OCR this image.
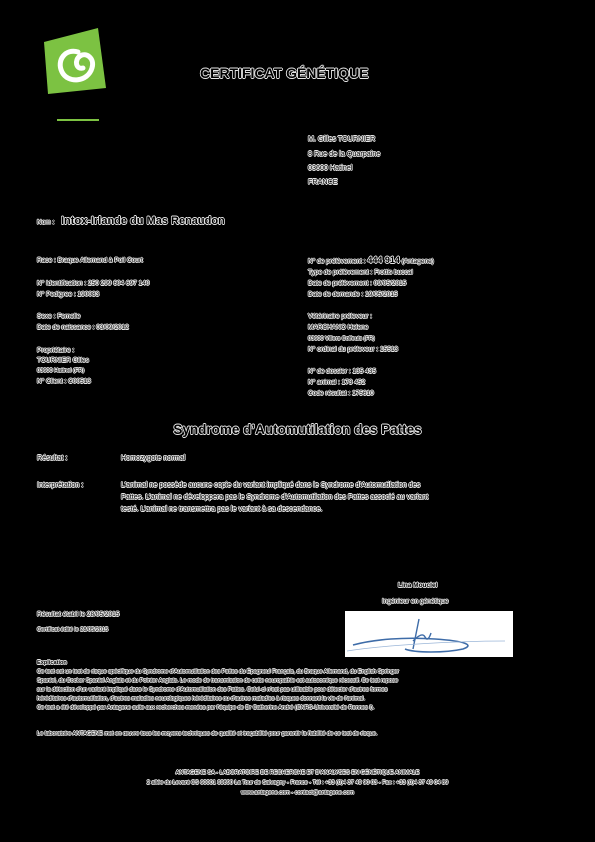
CERTIFICAT GÉNÉTIQUE
M. Gilles TOURNIER
8 Rue de la Quarpaine
03600 Hatinel
FRANCE
Nom : Intox-Irlande du Mas Renaudon
Race : Braque Allemand à Poil Court
N° Identification : 250 299 604 697 140
N° Pedigree : 190083
Sexe : Femelle
Date de naissance : 03/09/2012
Propriétaire :
TOURNIER Gilles
03600 Hatinel (FR)
N° Client : C00513
N° de prélèvement : 444 914 (Antagene)
Type de prélèvement : Frottis buccal
Date de prélèvement : 09/05/2015
Date de demande : 19/05/2015
Vétérinaire préleveur :
MARCHANO Helene
03600 Villers Colfeuis (FR)
N° ordinal du préleveur : 15513
N° de dossier : 135 435
N° animal : 173 452
Code résultat : 175610
Syndrome d’Automutilation des Pattes
Résultat :	Homozygote normal
Interprétation :	L’animal ne possède aucune copie du variant impliqué dans le Syndrome d’Automutilation des
Pattes. L’animal ne développera pas le Syndrome d’Automutilation des Pattes associé au variant
testé. L’animal ne transmettra pas le variant à sa descendance.
Lina Mouclel
Ingénieur en génétique
Résultat établi le 28/05/2015
Certificat édité le 28/05/2015
Explication
Ce test est un test de risque spécifique du Syndrome d’Automutilation des Pattes du Épagneul Français, du Braque Allemand, du English Springer
Spaniel, du Cocker Spaniel Anglais et du Pointer Anglais. Le mode de transmission de cette neuropathie est autosomique récessif. Ce test repose
sur la détection d’un variant impliqué dans le Syndrome d’Automutilation des Pattes. Celui-ci n’est pas utilisable pour détecter d’autres formes
héréditaires d’automutilation, d’autres maladies neurologiques héréditaires ou d’autres maladies à risques donnant la vie de l’animal.
Ce test a été développé par Antagene suite aux recherches menées par l’équipe de Dr Catherine André (CNRS-Université de Rennes I).
Le laboratoire ANTAGENE met en œuvre tous les moyens techniques de qualité et traçabilité pour garantir la fiabilité de ce test de risque.
ANTAGENE SA - LABORATOIRE DE RECHERCHE ET D’ANALYSES EN GÉNÉTIQUE ANIMALE
2 allée du Levant CS 60001 69890 La Tour de Salvagny - France - Tél : +33 (0)4 37 49 90 03 - Fax : +33 (0)4 37 49 04 89
www.antagene.com - contact@antagene.com
